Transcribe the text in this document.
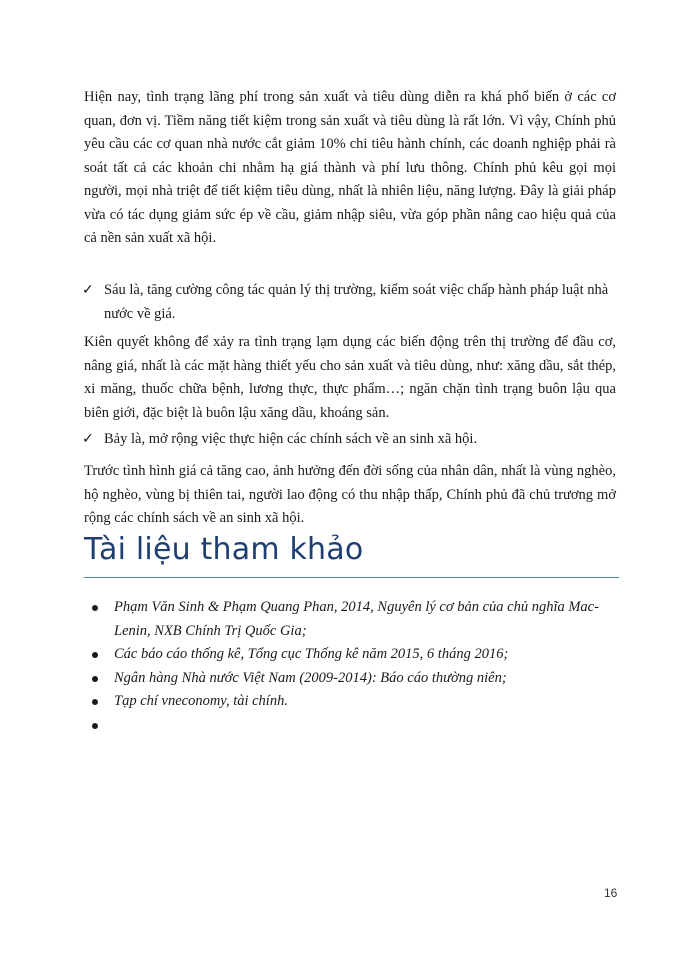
Hiện nay, tình trạng lãng phí trong sản xuất và tiêu dùng diễn ra khá phổ biến ở các cơ quan, đơn vị. Tiềm năng tiết kiệm trong sản xuất và tiêu dùng là rất lớn. Vì vậy, Chính phủ yêu cầu các cơ quan nhà nước cắt giảm 10% chi tiêu hành chính, các doanh nghiệp phải rà soát tất cả các khoản chi nhằm hạ giá thành và phí lưu thông. Chính phủ kêu gọi mọi người, mọi nhà triệt để tiết kiệm tiêu dùng, nhất là nhiên liệu, năng lượng. Đây là giải pháp vừa có tác dụng giảm sức ép về cầu, giảm nhập siêu, vừa góp phần nâng cao hiệu quả của cả nền sản xuất xã hội.

✓ Sáu là, tăng cường công tác quản lý thị trường, kiểm soát việc chấp hành pháp luật nhà nước về giá.

Kiên quyết không để xảy ra tình trạng lạm dụng các biến động trên thị trường để đầu cơ, nâng giá, nhất là các mặt hàng thiết yếu cho sản xuất và tiêu dùng, như: xăng dầu, sắt thép, xi măng, thuốc chữa bệnh, lương thực, thực phẩm…; ngăn chặn tình trạng buôn lậu qua biên giới, đặc biệt là buôn lậu xăng dầu, khoáng sản.

✓ Bảy là, mở rộng việc thực hiện các chính sách về an sinh xã hội.

Trước tình hình giá cả tăng cao, ảnh hưởng đến đời sống của nhân dân, nhất là vùng nghèo, hộ nghèo, vùng bị thiên tai, người lao động có thu nhập thấp, Chính phủ đã chủ trương mở rộng các chính sách về an sinh xã hội.

Tài liệu tham khảo
Phạm Văn Sinh & Phạm Quang Phan, 2014, Nguyên lý cơ bản của chủ nghĩa Mac-Lenin, NXB Chính Trị Quốc Gia;
Các báo cáo thống kê, Tổng cục Thống kê năm 2015, 6 tháng 2016;
Ngân hàng Nhà nước Việt Nam (2009-2014): Báo cáo thường niên;
Tạp chí vneconomy, tài chính.
16
